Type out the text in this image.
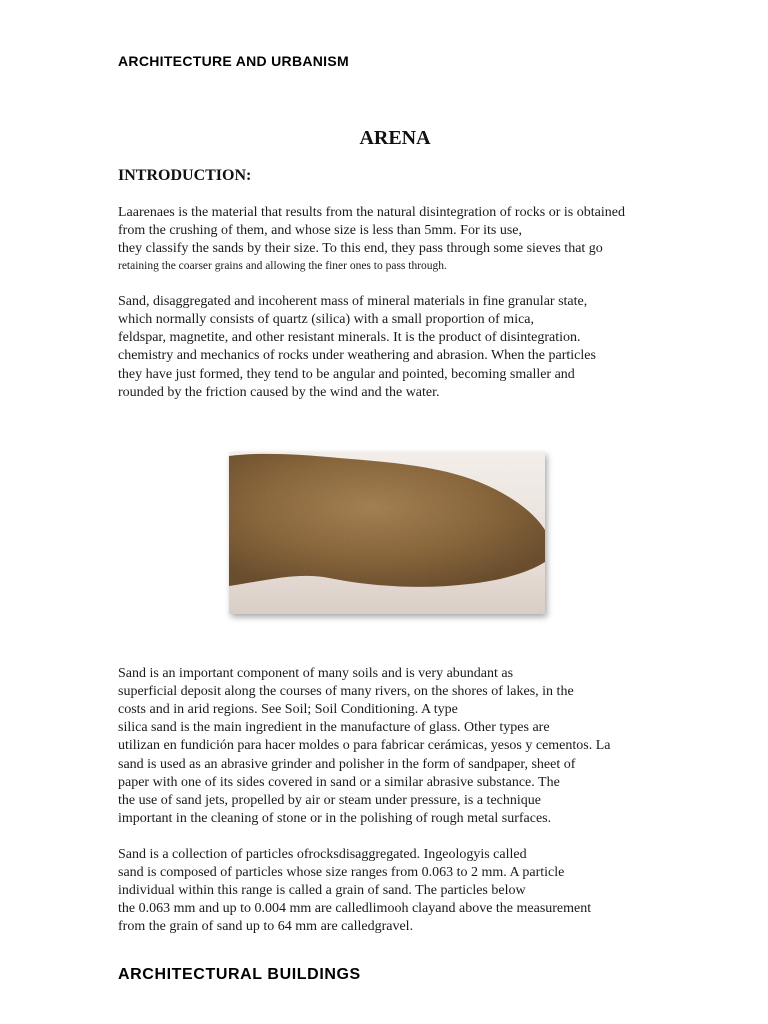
ARCHITECTURE AND URBANISM
ARENA
INTRODUCTION:
Laarenaes is the material that results from the natural disintegration of rocks or is obtained
from the crushing of them, and whose size is less than 5mm. For its use,
they classify the sands by their size. To this end, they pass through some sieves that go
retaining the coarser grains and allowing the finer ones to pass through.
Sand, disaggregated and incoherent mass of mineral materials in fine granular state,
which normally consists of quartz (silica) with a small proportion of mica,
feldspar, magnetite, and other resistant minerals. It is the product of disintegration.
chemistry and mechanics of rocks under weathering and abrasion. When the particles
they have just formed, they tend to be angular and pointed, becoming smaller and
rounded by the friction caused by the wind and the water.
Sand is an important component of many soils and is very abundant as
superficial deposit along the courses of many rivers, on the shores of lakes, in the
costs and in arid regions. See Soil; Soil Conditioning. A type
silica sand is the main ingredient in the manufacture of glass. Other types are
utilizan en fundición para hacer moldes o para fabricar cerámicas, yesos y cementos. La
sand is used as an abrasive grinder and polisher in the form of sandpaper, sheet of
paper with one of its sides covered in sand or a similar abrasive substance. The
the use of sand jets, propelled by air or steam under pressure, is a technique
important in the cleaning of stone or in the polishing of rough metal surfaces.
Sand is a collection of particles ofrocksdisaggregated. Ingeologyis called
sand is composed of particles whose size ranges from 0.063 to 2 mm. A particle
individual within this range is called a grain of sand. The particles below
the 0.063 mm and up to 0.004 mm are calledlimooh clayand above the measurement
from the grain of sand up to 64 mm are calledgravel.
ARCHITECTURAL BUILDINGS
